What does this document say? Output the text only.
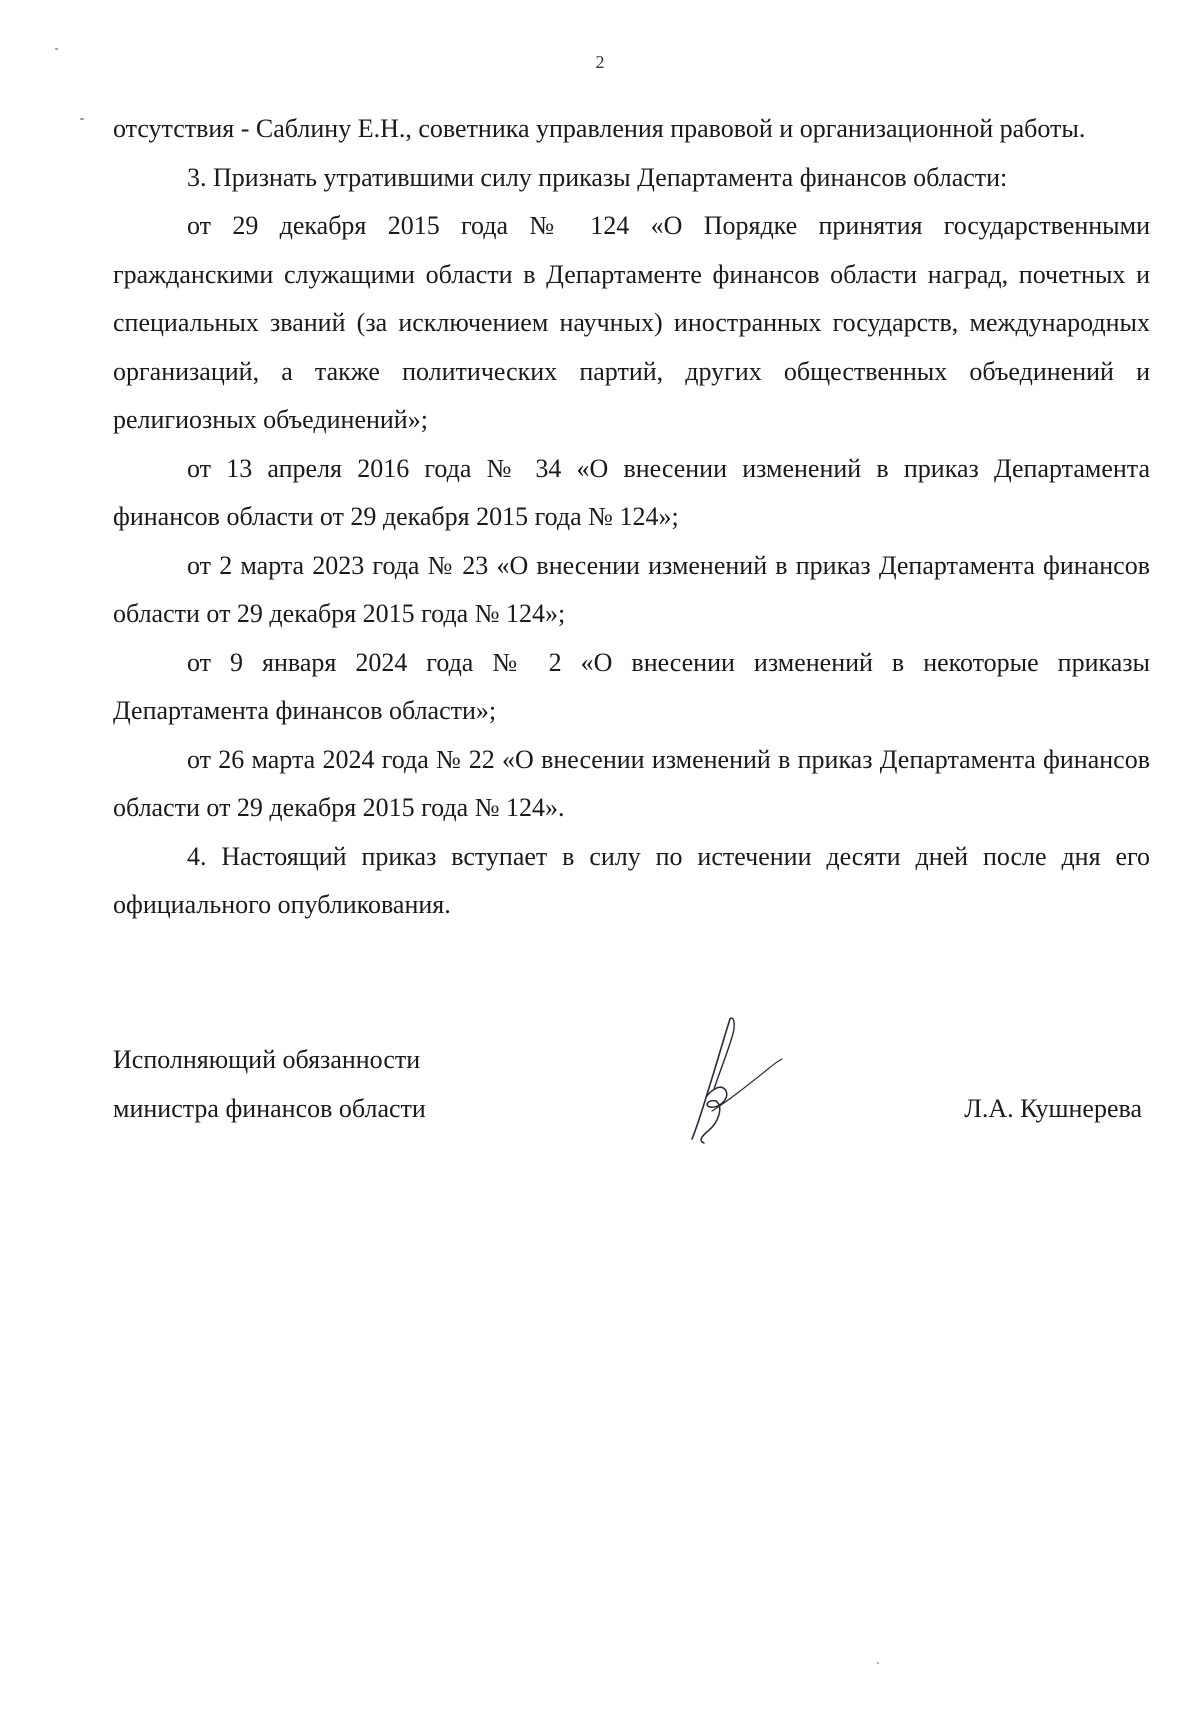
2

отсутствия - Саблину Е.Н., советника управления правовой и организационной работы.

3. Признать утратившими силу приказы Департамента финансов области:

от 29 декабря 2015 года № 124 «О Порядке принятия государственными гражданскими служащими области в Департаменте финансов области наград, почетных и специальных званий (за исключением научных) иностранных государств, международных организаций, а также политических партий, других общественных объединений и религиозных объединений»;

от 13 апреля 2016 года № 34 «О внесении изменений в приказ Департамента финансов области от 29 декабря 2015 года № 124»;

от 2 марта 2023 года № 23 «О внесении изменений в приказ Департамента финансов области от 29 декабря 2015 года № 124»;

от 9 января 2024 года № 2 «О внесении изменений в некоторые приказы Департамента финансов области»;

от 26 марта 2024 года № 22 «О внесении изменений в приказ Департамента финансов области от 29 декабря 2015 года № 124».

4. Настоящий приказ вступает в силу по истечении десяти дней после дня его официального опубликования.

Исполняющий обязанности
министра финансов области	Л.А. Кушнерева
